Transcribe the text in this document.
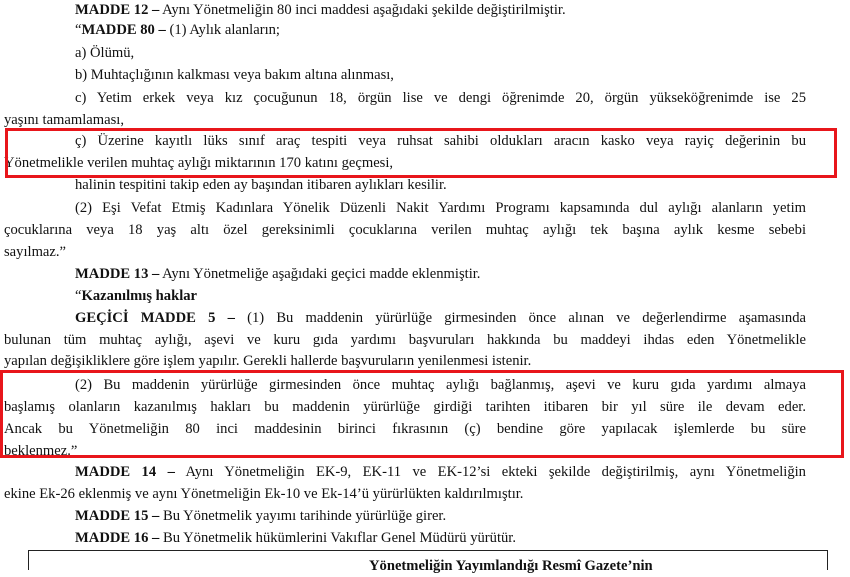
MADDE 12 – Aynı Yönetmeliğin 80 inci maddesi aşağıdaki şekilde değiştirilmiştir.
“MADDE 80 – (1) Aylık alanların;
a) Ölümü,
b) Muhtaçlığının kalkması veya bakım altına alınması,
c) Yetim erkek veya kız çocuğunun 18, örgün lise ve dengi öğrenimde 20, örgün yükseköğrenimde ise 25
yaşını tamamlaması,
ç) Üzerine kayıtlı lüks sınıf araç tespiti veya ruhsat sahibi oldukları aracın kasko veya rayiç değerinin bu
Yönetmelikle verilen muhtaç aylığı miktarının 170 katını geçmesi,
halinin tespitini takip eden ay başından itibaren aylıkları kesilir.
(2) Eşi Vefat Etmiş Kadınlara Yönelik Düzenli Nakit Yardımı Programı kapsamında dul aylığı alanların yetim
çocuklarına veya 18 yaş altı özel gereksinimli çocuklarına verilen muhtaç aylığı tek başına aylık kesme sebebi
sayılmaz.”
MADDE 13 – Aynı Yönetmeliğe aşağıdaki geçici madde eklenmiştir.
“Kazanılmış haklar
GEÇİCİ MADDE 5 – (1) Bu maddenin yürürlüğe girmesinden önce alınan ve değerlendirme aşamasında
bulunan tüm muhtaç aylığı, aşevi ve kuru gıda yardımı başvuruları hakkında bu maddeyi ihdas eden Yönetmelikle
yapılan değişikliklere göre işlem yapılır. Gerekli hallerde başvuruların yenilenmesi istenir.
(2) Bu maddenin yürürlüğe girmesinden önce muhtaç aylığı bağlanmış, aşevi ve kuru gıda yardımı almaya
başlamış olanların kazanılmış hakları bu maddenin yürürlüğe girdiği tarihten itibaren bir yıl süre ile devam eder.
Ancak bu Yönetmeliğin 80 inci maddesinin birinci fıkrasının (ç) bendine göre yapılacak işlemlerde bu süre
beklenmez.”
MADDE 14 – Aynı Yönetmeliğin EK-9, EK-11 ve EK-12’si ekteki şekilde değiştirilmiş, aynı Yönetmeliğin
ekine Ek-26 eklenmiş ve aynı Yönetmeliğin Ek-10 ve Ek-14’ü yürürlükten kaldırılmıştır.
MADDE 15 – Bu Yönetmelik yayımı tarihinde yürürlüğe girer.
MADDE 16 – Bu Yönetmelik hükümlerini Vakıflar Genel Müdürü yürütür.
Yönetmeliğin Yayımlandığı Resmî Gazete’nin
